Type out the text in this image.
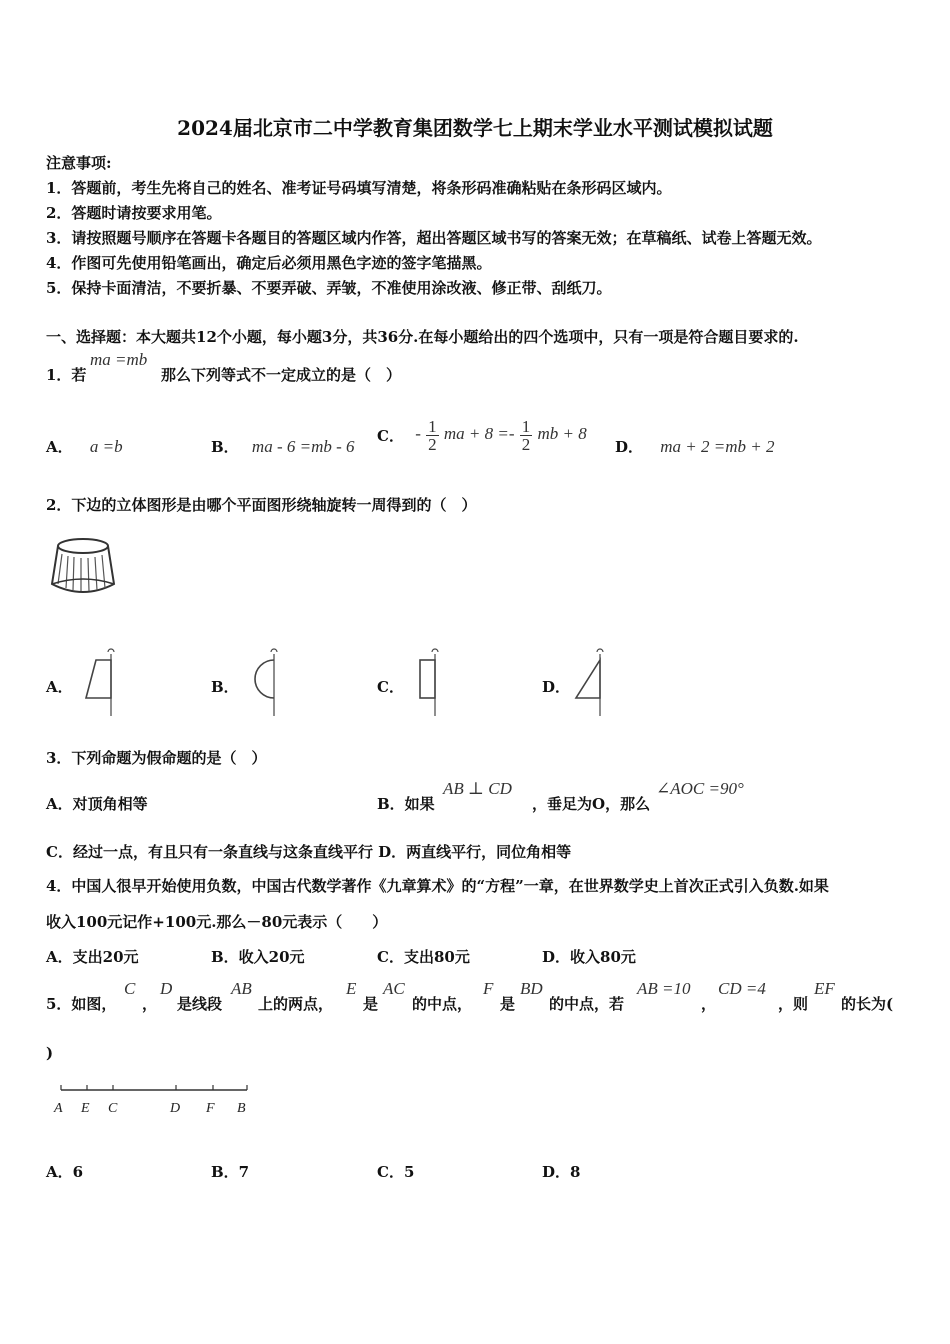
2024届北京市二中学教育集团数学七上期末学业水平测试模拟试题
注意事项:
1．答题前，考生先将自己的姓名、准考证号码填写清楚，将条形码准确粘贴在条形码区域内。
2．答题时请按要求用笔。
3．请按照题号顺序在答题卡各题目的答题区域内作答，超出答题区域书写的答案无效；在草稿纸、试卷上答题无效。
4．作图可先使用铅笔画出，确定后必须用黑色字迹的签字笔描黑。
5．保持卡面清洁，不要折暴、不要弄破、弄皱，不准使用涂改液、修正带、刮纸刀。
一、选择题：本大题共12个小题，每小题3分，共36分.在每小题给出的四个选项中，只有一项是符合题目要求的.
1．若
ma =mb
那么下列等式不一定成立的是（　）
A． a =b	B． ma - 6 =mb - 6
C． - $\frac{1}{2}$ ma + $8 =- \frac{1}{2}$ mb + 8
D． ma + 2 =mb + 2
2．下边的立体图形是由哪个平面图形绕轴旋转一周得到的（　）
A．	B．	C．	D．
3．下列命题为假命题的是（　）
A．对顶角相等	B．如果
AB ⊥ CD
，垂足为O，那么
∠AOC =90°
C．经过一点，有且只有一条直线与这条直线平行 D．两直线平行，同位角相等
4．中国人很早开始使用负数，中国古代数学著作《九章算术》的“方程”一章，在世界数学史上首次正式引入负数.如果
收入100元记作+100元.那么－80元表示（　　）
A．支出20元	B．收入20元	C．支出80元	D．收入80元
5．如图，
C
，
D
是线段
AB
上的两点，
E
是
AC
的中点，
F
是
BD
的中点，若
AB =10
，
CD =4
，则
EF
的长为(
)
A E C	D F B
A．6	B．7	C．5	D．8
